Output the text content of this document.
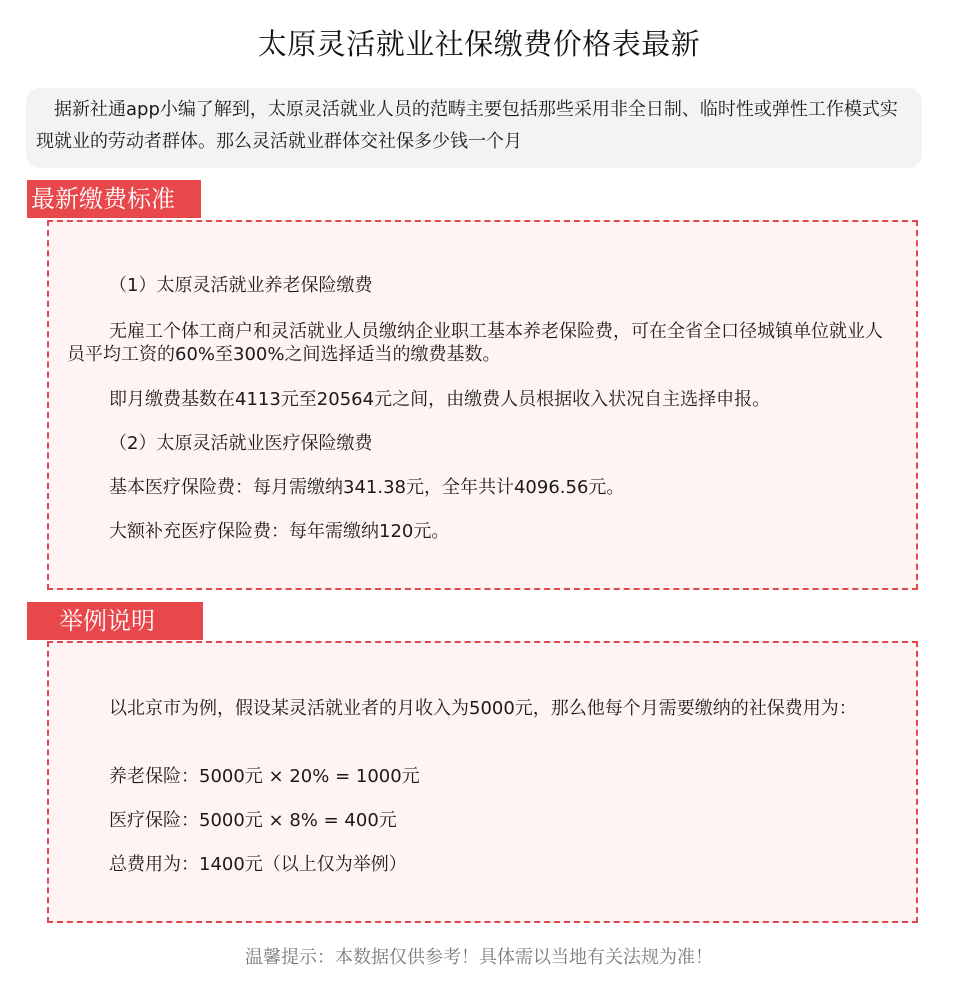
太原灵活就业社保缴费价格表最新
据新社通app小编了解到，太原灵活就业人员的范畴主要包括那些采用非全日制、临时性或弹性工作模式实现就业的劳动者群体。那么灵活就业群体交社保多少钱一个月
最新缴费标准

（1）太原灵活就业养老保险缴费

无雇工个体工商户和灵活就业人员缴纳企业职工基本养老保险费，可在全省全口径城镇单位就业人员平均工资的60%至300%之间选择适当的缴费基数。

即月缴费基数在4113元至20564元之间，由缴费人员根据收入状况自主选择申报。

（2）太原灵活就业医疗保险缴费

基本医疗保险费：每月需缴纳341.38元，全年共计4096.56元。

大额补充医疗保险费：每年需缴纳120元。

举例说明

以北京市为例，假设某灵活就业者的月收入为5000元，那么他每个月需要缴纳的社保费用为：

养老保险：5000元 × 20% = 1000元

医疗保险：5000元 × 8% = 400元

总费用为：1400元（以上仅为举例）

温馨提示：本数据仅供参考！具体需以当地有关法规为准！
